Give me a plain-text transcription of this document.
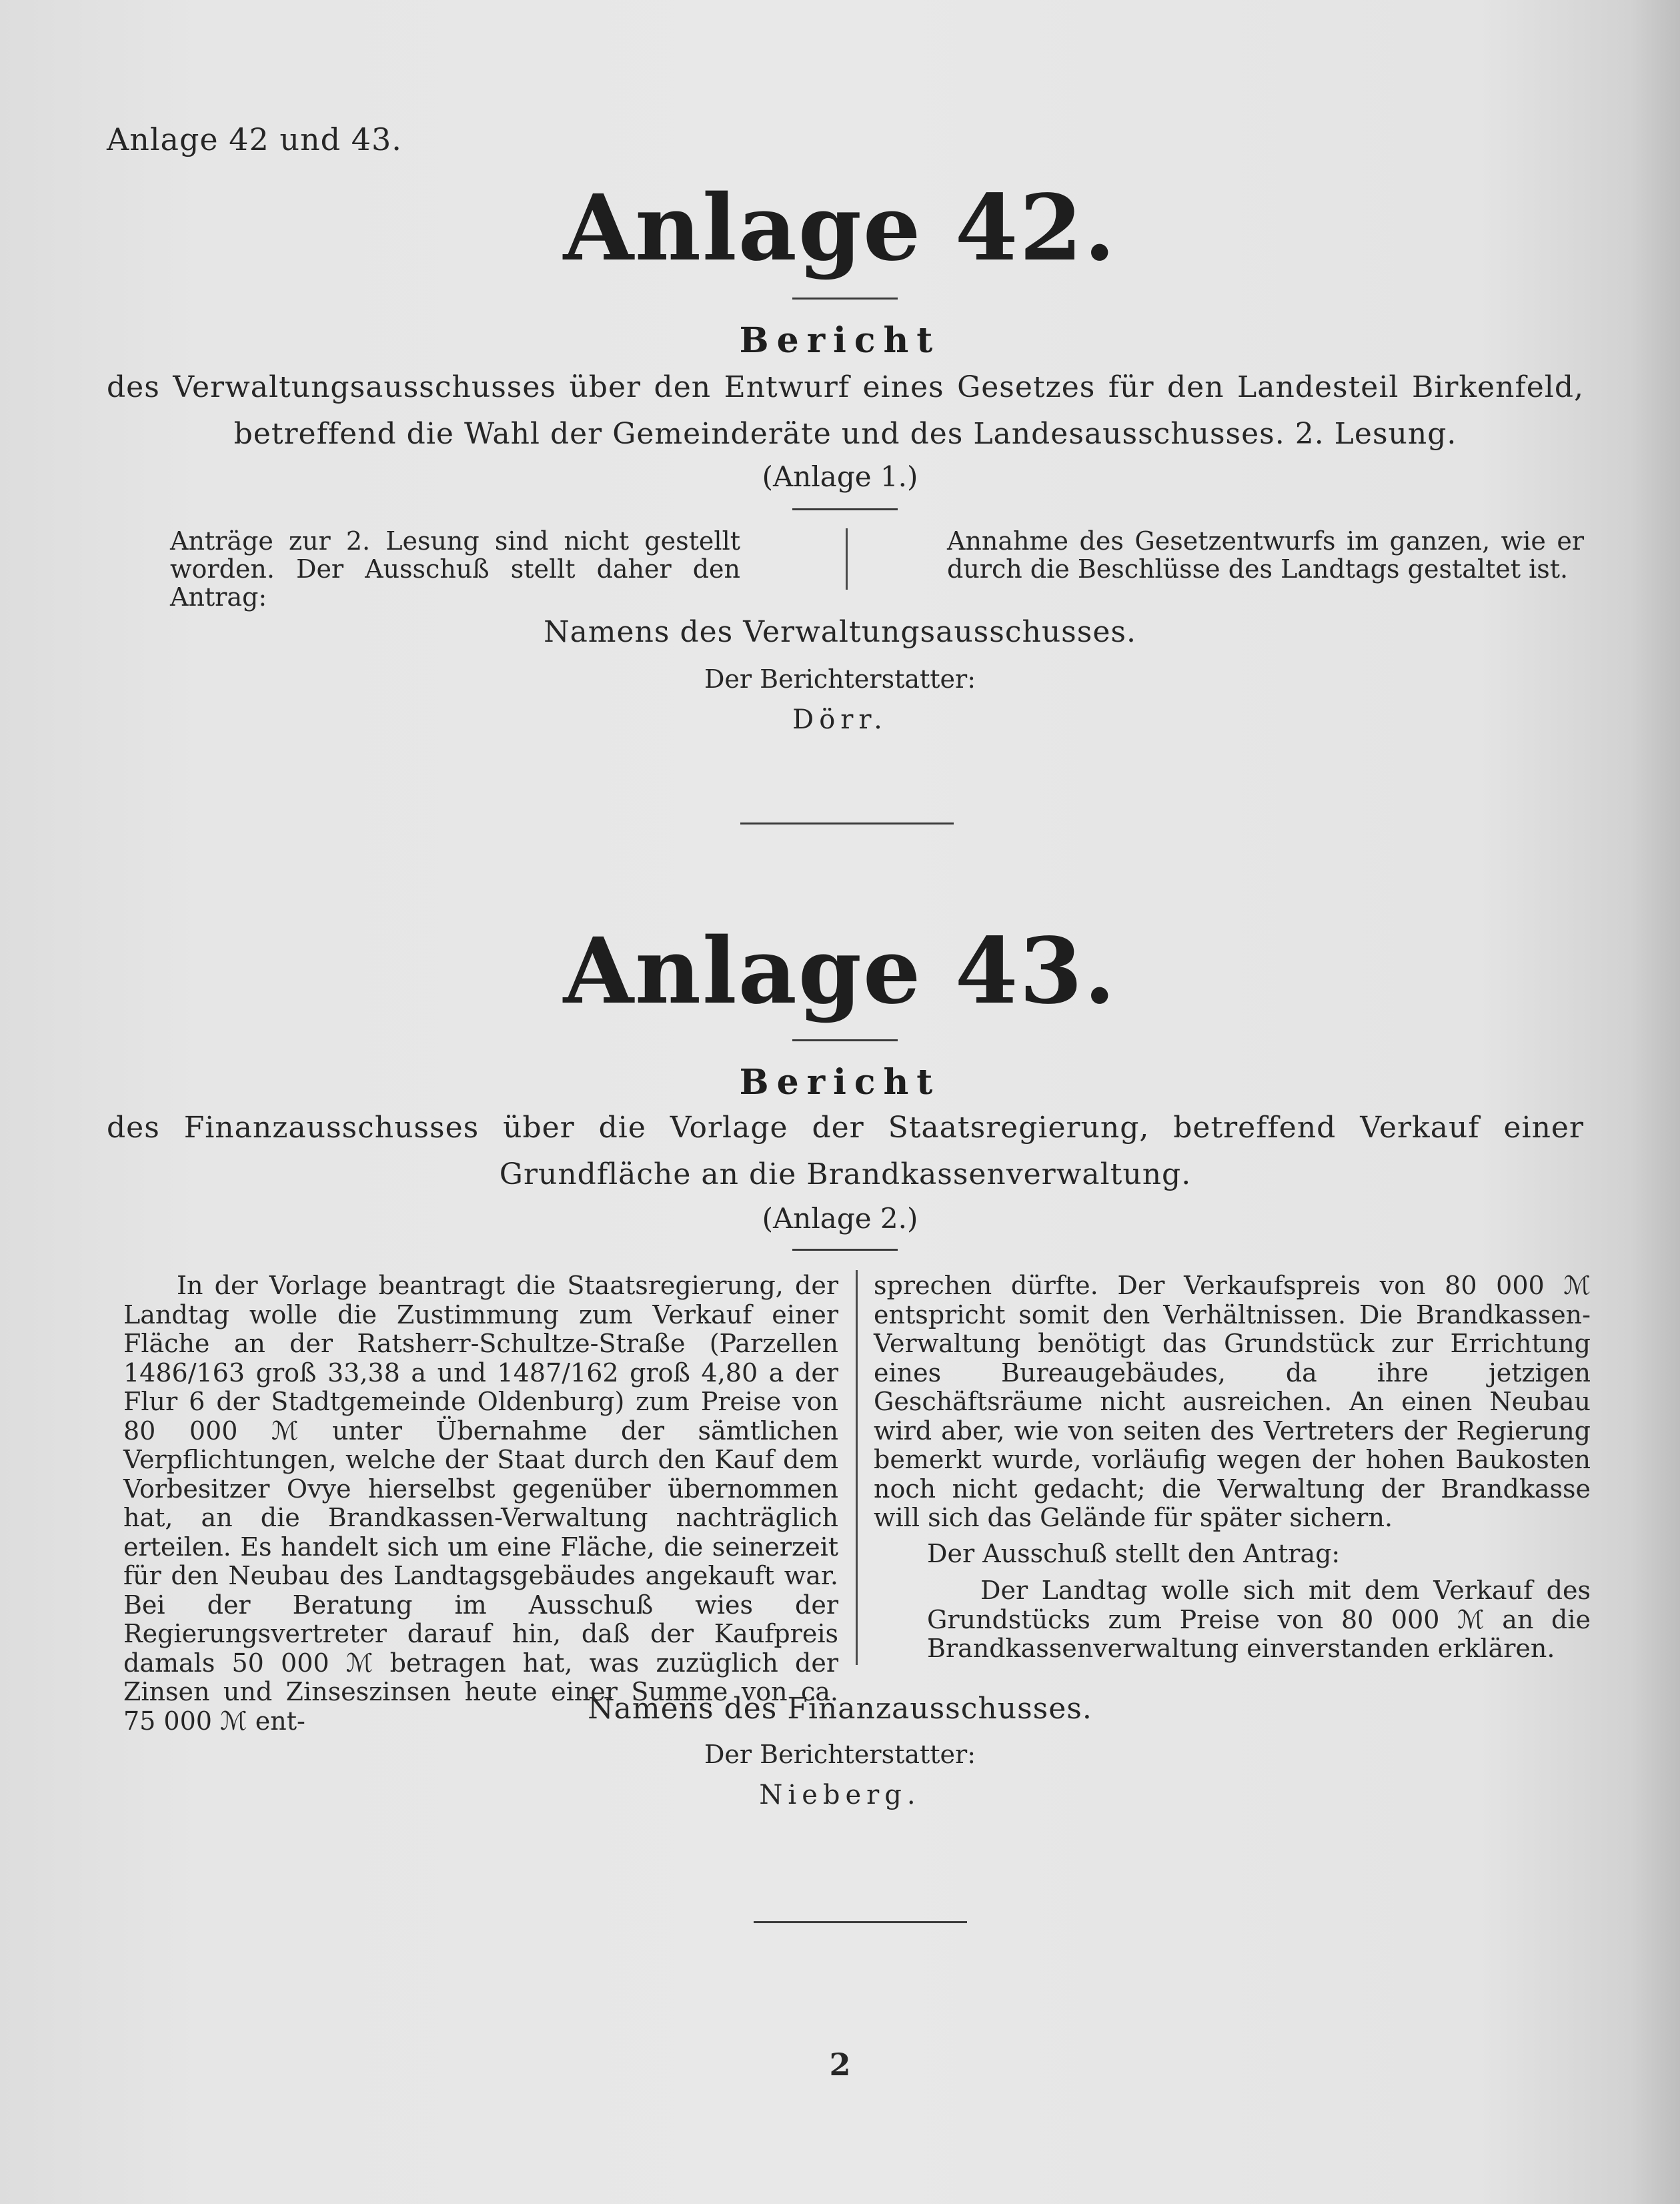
Anlage 42 und 43.
Anlage 42.
Bericht
des Verwaltungsausschusses über den Entwurf eines Gesetzes für den Landesteil Birkenfeld, betreffend die Wahl der Gemeinderäte und des Landesausschusses. 2. Lesung.
(Anlage 1.)
Anträge zur 2. Lesung sind nicht gestellt worden. Der Ausschuß stellt daher den Antrag:
Annahme des Gesetzentwurfs im ganzen, wie er durch die Beschlüsse des Landtags gestaltet ist.
Namens des Verwaltungsausschusses.
Der Berichterstatter:
Dörr.
Anlage 43.
Bericht
des Finanzausschusses über die Vorlage der Staatsregierung, betreffend Verkauf einer Grundfläche an die Brandkassenverwaltung.
(Anlage 2.)

In der Vorlage beantragt die Staatsregierung, der Landtag wolle die Zustimmung zum Verkauf einer Fläche an der Ratsherr-Schultze-Straße (Parzellen 1486/163 groß 33,38 a und 1487/162 groß 4,80 a der Flur 6 der Stadtgemeinde Oldenburg) zum Preise von 80 000 ℳ unter Übernahme der sämtlichen Verpflichtungen, welche der Staat durch den Kauf dem Vorbesitzer Ovye hierselbst gegenüber übernommen hat, an die Brandkassen-Verwaltung nachträglich erteilen. Es handelt sich um eine Fläche, die seinerzeit für den Neubau des Landtagsgebäudes angekauft war. Bei der Beratung im Ausschuß wies der Regierungsvertreter darauf hin, daß der Kaufpreis damals 50 000 ℳ betragen hat, was zuzüglich der Zinsen und Zinseszinsen heute einer Summe von ca. 75 000 ℳ ent-

sprechen dürfte. Der Verkaufspreis von 80 000 ℳ entspricht somit den Verhältnissen. Die Brandkassen-Verwaltung benötigt das Grundstück zur Errichtung eines Bureaugebäudes, da ihre jetzigen Geschäftsräume nicht ausreichen. An einen Neubau wird aber, wie von seiten des Vertreters der Regierung bemerkt wurde, vorläufig wegen der hohen Baukosten noch nicht gedacht; die Verwaltung der Brandkasse will sich das Gelände für später sichern.

Der Ausschuß stellt den Antrag:

Der Landtag wolle sich mit dem Verkauf des Grundstücks zum Preise von 80 000 ℳ an die Brandkassenverwaltung einverstanden erklären.

Namens des Finanzausschusses.
Der Berichterstatter:
Nieberg.
2
